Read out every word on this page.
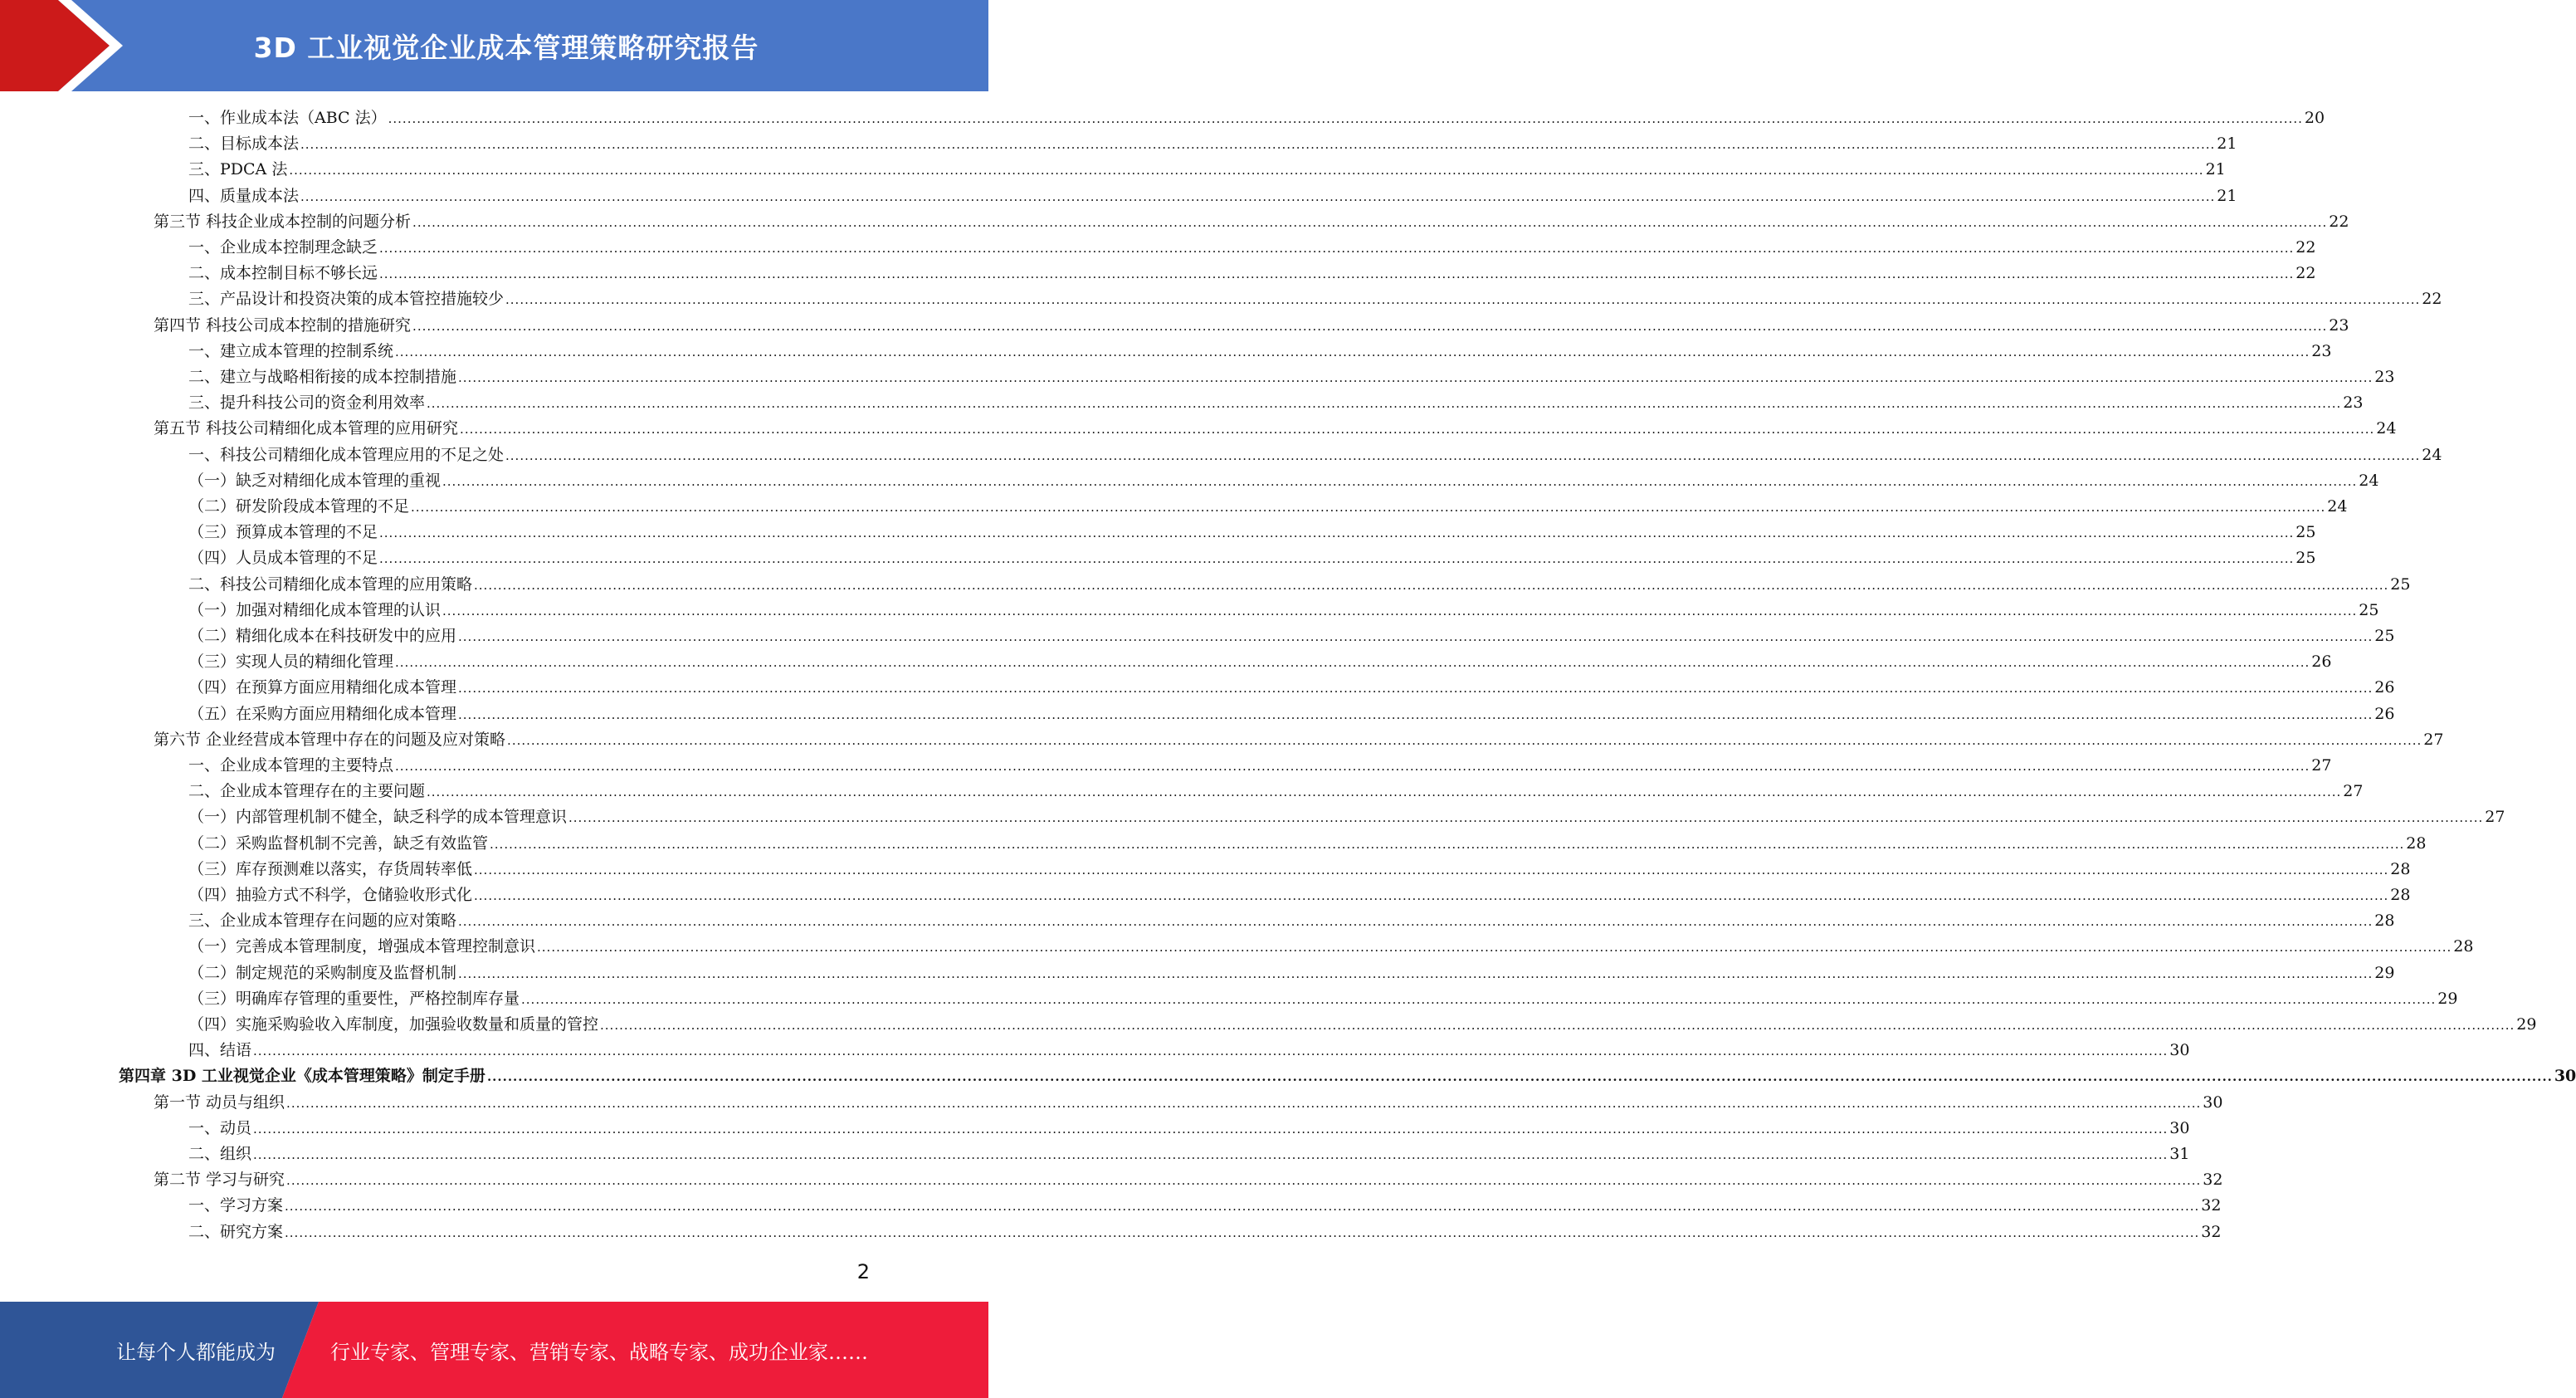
3D 工业视觉企业成本管理策略研究报告
一、作业成本法（ABC 法） ................................................................................................................................................................................................................................................................................................................................................................................................................ 20
二、目标成本法 ................................................................................................................................................................................................................................................................................................................................................................................................................ 21
三、PDCA 法 ................................................................................................................................................................................................................................................................................................................................................................................................................ 21
四、质量成本法 ................................................................................................................................................................................................................................................................................................................................................................................................................ 21
第三节 科技企业成本控制的问题分析 ................................................................................................................................................................................................................................................................................................................................................................................................................ 22
一、企业成本控制理念缺乏 ................................................................................................................................................................................................................................................................................................................................................................................................................ 22
二、成本控制目标不够长远 ................................................................................................................................................................................................................................................................................................................................................................................................................ 22
三、产品设计和投资决策的成本管控措施较少 ................................................................................................................................................................................................................................................................................................................................................................................................................ 22
第四节 科技公司成本控制的措施研究 ................................................................................................................................................................................................................................................................................................................................................................................................................ 23
一、建立成本管理的控制系统 ................................................................................................................................................................................................................................................................................................................................................................................................................ 23
二、建立与战略相衔接的成本控制措施 ................................................................................................................................................................................................................................................................................................................................................................................................................ 23
三、提升科技公司的资金利用效率 ................................................................................................................................................................................................................................................................................................................................................................................................................ 23
第五节 科技公司精细化成本管理的应用研究 ................................................................................................................................................................................................................................................................................................................................................................................................................ 24
一、科技公司精细化成本管理应用的不足之处 ................................................................................................................................................................................................................................................................................................................................................................................................................ 24
（一）缺乏对精细化成本管理的重视 ................................................................................................................................................................................................................................................................................................................................................................................................................ 24
（二）研发阶段成本管理的不足 ................................................................................................................................................................................................................................................................................................................................................................................................................ 24
（三）预算成本管理的不足 ................................................................................................................................................................................................................................................................................................................................................................................................................ 25
（四）人员成本管理的不足 ................................................................................................................................................................................................................................................................................................................................................................................................................ 25
二、科技公司精细化成本管理的应用策略 ................................................................................................................................................................................................................................................................................................................................................................................................................ 25
（一）加强对精细化成本管理的认识 ................................................................................................................................................................................................................................................................................................................................................................................................................ 25
（二）精细化成本在科技研发中的应用 ................................................................................................................................................................................................................................................................................................................................................................................................................ 25
（三）实现人员的精细化管理 ................................................................................................................................................................................................................................................................................................................................................................................................................ 26
（四）在预算方面应用精细化成本管理 ................................................................................................................................................................................................................................................................................................................................................................................................................ 26
（五）在采购方面应用精细化成本管理 ................................................................................................................................................................................................................................................................................................................................................................................................................ 26
第六节 企业经营成本管理中存在的问题及应对策略 ................................................................................................................................................................................................................................................................................................................................................................................................................ 27
一、企业成本管理的主要特点 ................................................................................................................................................................................................................................................................................................................................................................................................................ 27
二、企业成本管理存在的主要问题 ................................................................................................................................................................................................................................................................................................................................................................................................................ 27
（一）内部管理机制不健全，缺乏科学的成本管理意识 ................................................................................................................................................................................................................................................................................................................................................................................................................ 27
（二）采购监督机制不完善，缺乏有效监管 ................................................................................................................................................................................................................................................................................................................................................................................................................ 28
（三）库存预测难以落实，存货周转率低 ................................................................................................................................................................................................................................................................................................................................................................................................................ 28
（四）抽验方式不科学，仓储验收形式化 ................................................................................................................................................................................................................................................................................................................................................................................................................ 28
三、企业成本管理存在问题的应对策略 ................................................................................................................................................................................................................................................................................................................................................................................................................ 28
（一）完善成本管理制度，增强成本管理控制意识 ................................................................................................................................................................................................................................................................................................................................................................................................................ 28
（二）制定规范的采购制度及监督机制 ................................................................................................................................................................................................................................................................................................................................................................................................................ 29
（三）明确库存管理的重要性，严格控制库存量 ................................................................................................................................................................................................................................................................................................................................................................................................................ 29
（四）实施采购验收入库制度，加强验收数量和质量的管控 ................................................................................................................................................................................................................................................................................................................................................................................................................ 29
四、结语 ................................................................................................................................................................................................................................................................................................................................................................................................................ 30
第四章 3D 工业视觉企业《成本管理策略》制定手册 ................................................................................................................................................................................................................................................................................................................................................................................................................ 30
第一节 动员与组织 ................................................................................................................................................................................................................................................................................................................................................................................................................ 30
一、动员 ................................................................................................................................................................................................................................................................................................................................................................................................................ 30
二、组织 ................................................................................................................................................................................................................................................................................................................................................................................................................ 31
第二节 学习与研究 ................................................................................................................................................................................................................................................................................................................................................................................................................ 32
一、学习方案 ................................................................................................................................................................................................................................................................................................................................................................................................................ 32
二、研究方案 ................................................................................................................................................................................................................................................................................................................................................................................................................ 32
2
让每个人都能成为	行业专家、管理专家、营销专家、战略专家、成功企业家……
